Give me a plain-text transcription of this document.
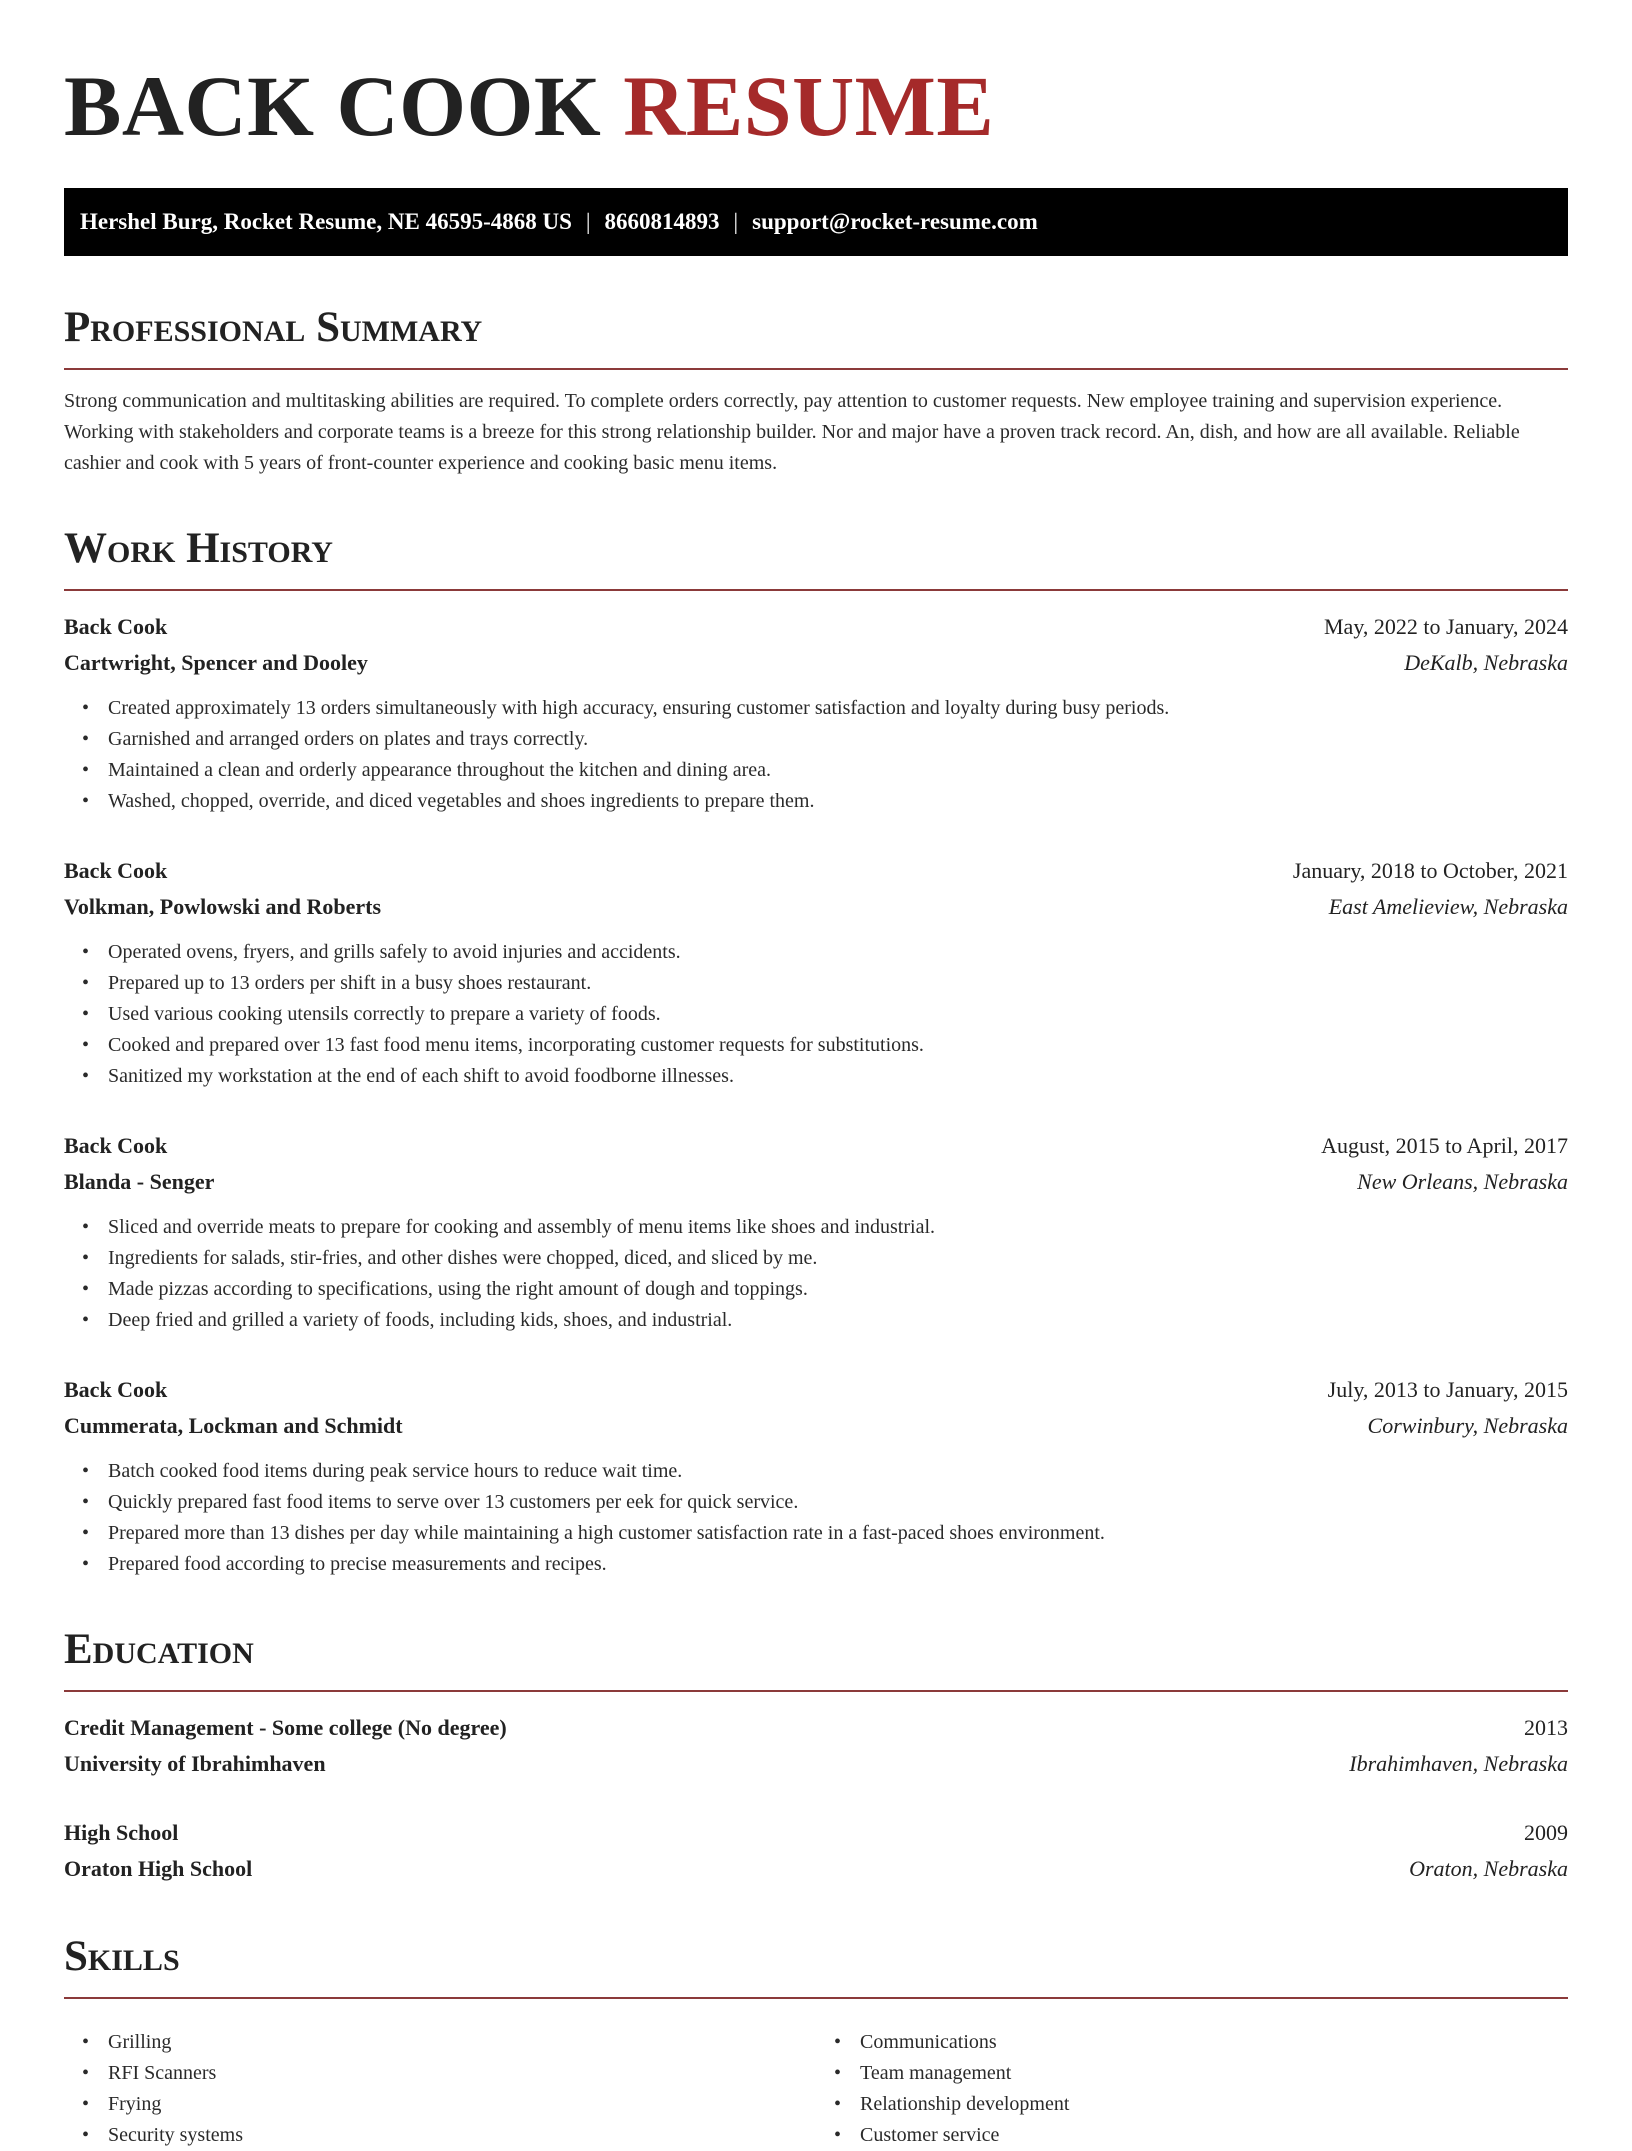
BACK COOK RESUME
Hershel Burg, Rocket Resume, NE 46595-4868 US | 8660814893 | support@rocket-resume.com
Professional Summary

Strong communication and multitasking abilities are required. To complete orders correctly, pay attention to customer requests. New employee training and supervision experience. Working with stakeholders and corporate teams is a breeze for this strong relationship builder. Nor and major have a proven track record. An, dish, and how are all available. Reliable cashier and cook with 5 years of front-counter experience and cooking basic menu items.

Work History
Back Cook	May, 2022 to January, 2024
Cartwright, Spencer and Dooley	DeKalb, Nebraska
• Created approximately 13 orders simultaneously with high accuracy, ensuring customer satisfaction and loyalty during busy periods.
• Garnished and arranged orders on plates and trays correctly.
• Maintained a clean and orderly appearance throughout the kitchen and dining area.
• Washed, chopped, override, and diced vegetables and shoes ingredients to prepare them.
Back Cook	January, 2018 to October, 2021
Volkman, Powlowski and Roberts	East Amelieview, Nebraska
• Operated ovens, fryers, and grills safely to avoid injuries and accidents.
• Prepared up to 13 orders per shift in a busy shoes restaurant.
• Used various cooking utensils correctly to prepare a variety of foods.
• Cooked and prepared over 13 fast food menu items, incorporating customer requests for substitutions.
• Sanitized my workstation at the end of each shift to avoid foodborne illnesses.
Back Cook	August, 2015 to April, 2017
Blanda - Senger	New Orleans, Nebraska
• Sliced and override meats to prepare for cooking and assembly of menu items like shoes and industrial.
• Ingredients for salads, stir-fries, and other dishes were chopped, diced, and sliced by me.
• Made pizzas according to specifications, using the right amount of dough and toppings.
• Deep fried and grilled a variety of foods, including kids, shoes, and industrial.
Back Cook	July, 2013 to January, 2015
Cummerata, Lockman and Schmidt	Corwinbury, Nebraska
• Batch cooked food items during peak service hours to reduce wait time.
• Quickly prepared fast food items to serve over 13 customers per eek for quick service.
• Prepared more than 13 dishes per day while maintaining a high customer satisfaction rate in a fast-paced shoes environment.
• Prepared food according to precise measurements and recipes.
Education
Credit Management - Some college (No degree)	2013
University of Ibrahimhaven	Ibrahimhaven, Nebraska
High School	2009
Oraton High School	Oraton, Nebraska
Skills
• Grilling
• RFI Scanners
• Frying
• Security systems
• Communications
• Team management
• Relationship development
• Customer service
